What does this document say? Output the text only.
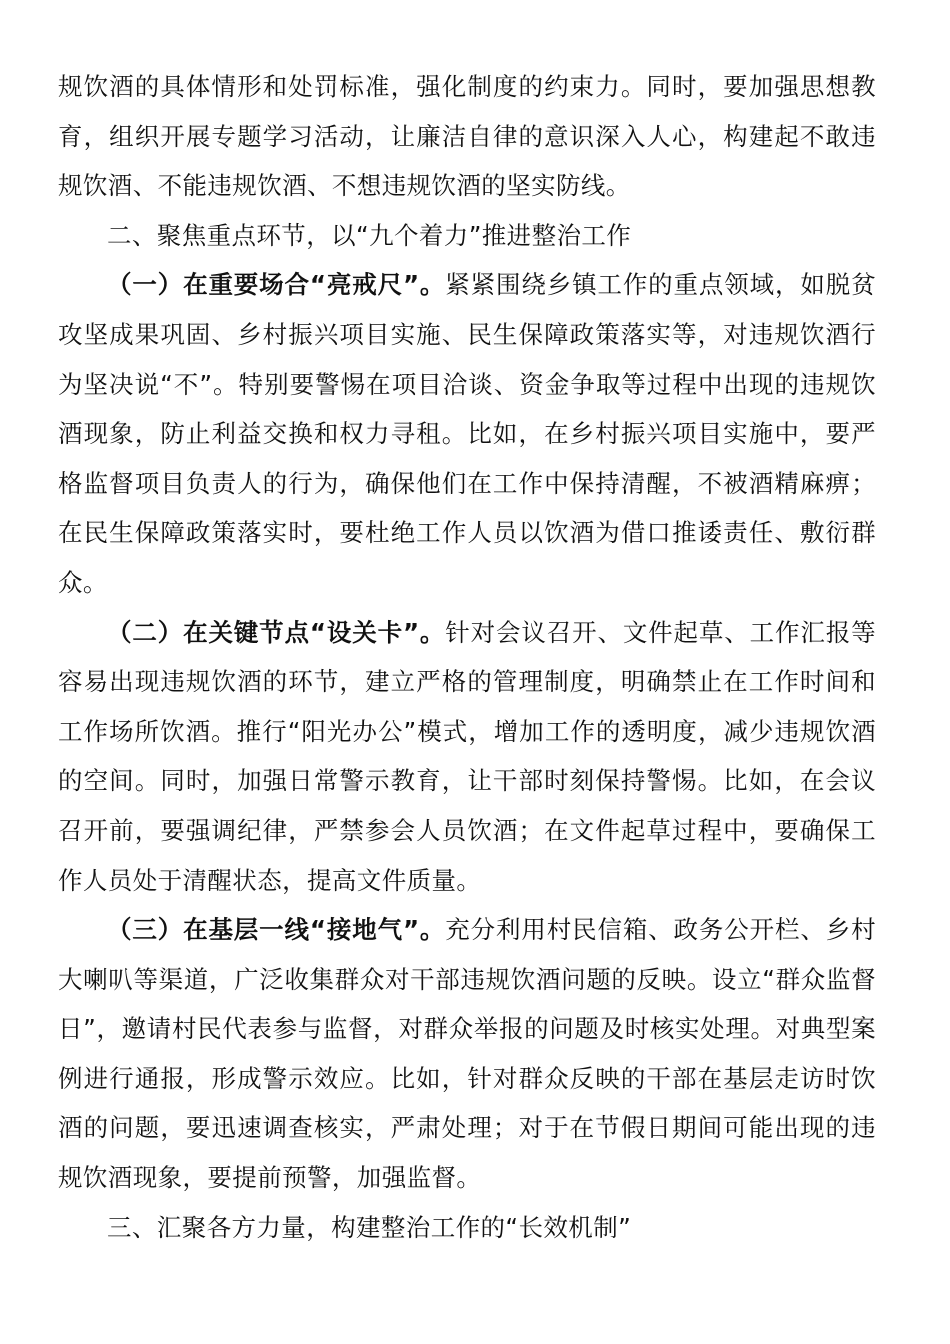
规饮酒的具体情形和处罚标准，强化制度的约束力。同时，要加强思想教育，组织开展专题学习活动，让廉洁自律的意识深入人心，构建起不敢违规饮酒、不能违规饮酒、不想违规饮酒的坚实防线。

二、聚焦重点环节，以“九个着力”推进整治工作

（一）在重要场合“亮戒尺”。紧紧围绕乡镇工作的重点领域，如脱贫攻坚成果巩固、乡村振兴项目实施、民生保障政策落实等，对违规饮酒行为坚决说“不”。特别要警惕在项目洽谈、资金争取等过程中出现的违规饮酒现象，防止利益交换和权力寻租。比如，在乡村振兴项目实施中，要严格监督项目负责人的行为，确保他们在工作中保持清醒，不被酒精麻痹；在民生保障政策落实时，要杜绝工作人员以饮酒为借口推诿责任、敷衍群众。

（二）在关键节点“设关卡”。针对会议召开、文件起草、工作汇报等容易出现违规饮酒的环节，建立严格的管理制度，明确禁止在工作时间和工作场所饮酒。推行“阳光办公”模式，增加工作的透明度，减少违规饮酒的空间。同时，加强日常警示教育，让干部时刻保持警惕。比如，在会议召开前，要强调纪律，严禁参会人员饮酒；在文件起草过程中，要确保工作人员处于清醒状态，提高文件质量。

（三）在基层一线“接地气”。充分利用村民信箱、政务公开栏、乡村大喇叭等渠道，广泛收集群众对干部违规饮酒问题的反映。设立“群众监督日”，邀请村民代表参与监督，对群众举报的问题及时核实处理。对典型案例进行通报，形成警示效应。比如，针对群众反映的干部在基层走访时饮酒的问题，要迅速调查核实，严肃处理；对于在节假日期间可能出现的违规饮酒现象，要提前预警，加强监督。

三、汇聚各方力量，构建整治工作的“长效机制”
